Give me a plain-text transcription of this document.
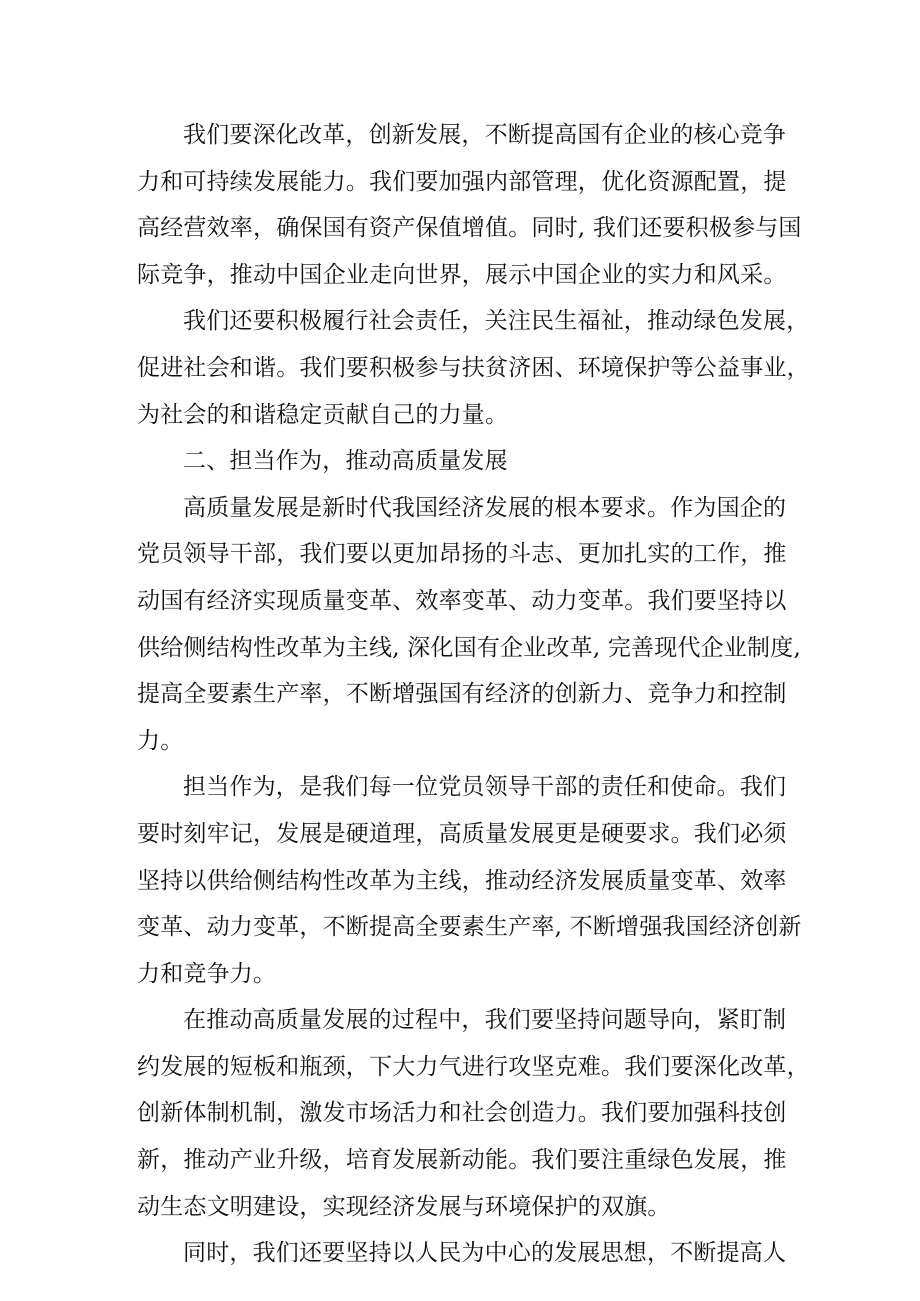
我们要深化改革，创新发展，不断提高国有企业的核心竞争
力和可持续发展能力。我们要加强内部管理，优化资源配置，提
高经营效率，确保国有资产保值增值。同时, 我们还要积极参与国
际竞争，推动中国企业走向世界，展示中国企业的实力和风采。
我们还要积极履行社会责任，关注民生福祉，推动绿色发展，
促进社会和谐。我们要积极参与扶贫济困、环境保护等公益事业，
为社会的和谐稳定贡献自己的力量。
二、担当作为，推动高质量发展
高质量发展是新时代我国经济发展的根本要求。作为国企的
党员领导干部，我们要以更加昂扬的斗志、更加扎实的工作，推
动国有经济实现质量变革、效率变革、动力变革。我们要坚持以
供给侧结构性改革为主线, 深化国有企业改革, 完善现代企业制度,
提高全要素生产率，不断增强国有经济的创新力、竞争力和控制
力。
担当作为，是我们每一位党员领导干部的责任和使命。我们
要时刻牢记，发展是硬道理，高质量发展更是硬要求。我们必须
坚持以供给侧结构性改革为主线，推动经济发展质量变革、效率
变革、动力变革，不断提高全要素生产率, 不断增强我国经济创新
力和竞争力。
在推动高质量发展的过程中，我们要坚持问题导向，紧盯制
约发展的短板和瓶颈，下大力气进行攻坚克难。我们要深化改革，
创新体制机制，激发市场活力和社会创造力。我们要加强科技创
新，推动产业升级，培育发展新动能。我们要注重绿色发展，推
动生态文明建设，实现经济发展与环境保护的双旗。
同时，我们还要坚持以人民为中心的发展思想，不断提高人
